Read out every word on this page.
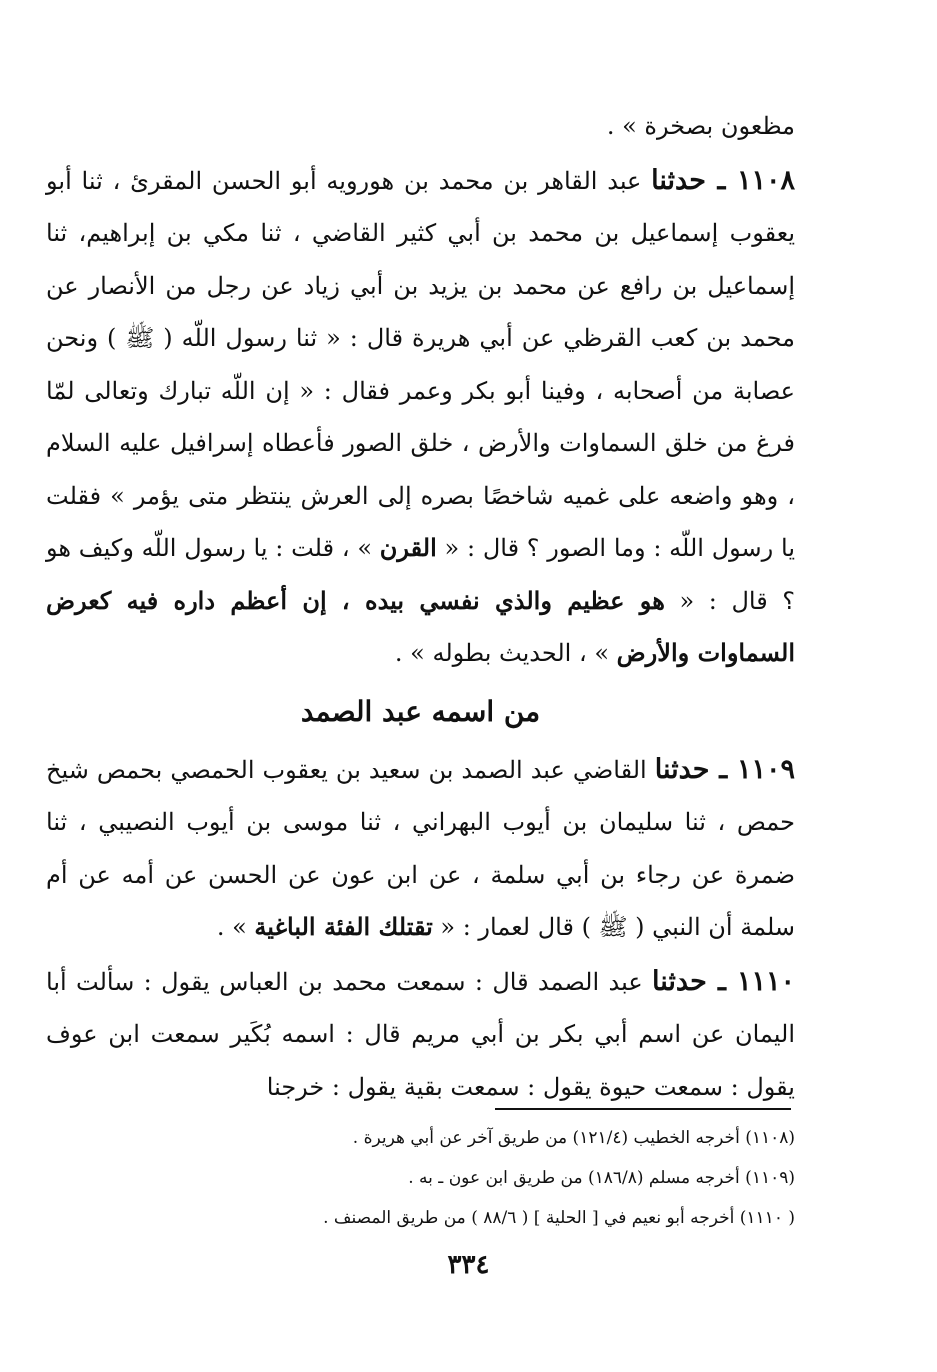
مظعون بصخرة » .

١١٠٨ ـ حدثنا عبد القاهر بن محمد بن هورويه أبو الحسن المقرئ ، ثنا أبو يعقوب إسماعيل بن محمد بن أبي كثير القاضي ، ثنا مكي بن إبراهيم، ثنا إسماعيل بن رافع عن محمد بن يزيد بن أبي زياد عن رجل من الأنصار عن محمد بن كعب القرظي عن أبي هريرة قال : « ثنا رسول اللّه ( ﷺ ) ونحن عصابة من أصحابه ، وفينا أبو بكر وعمر فقال : « إن اللّه تبارك وتعالى لمّا فرغ من خلق السماوات والأرض ، خلق الصور فأعطاه إسرافيل عليه السلام ، وهو واضعه على غميه شاخصًا بصره إلى العرش ينتظر متى يؤمر » فقلت يا رسول اللّه : وما الصور ؟ قال : « القرن » ، قلت : يا رسول اللّه وكيف هو ؟ قال : « هو عظيم والذي نفسي بيده ، إن أعظم داره فيه كعرض السماوات والأرض » ، الحديث بطوله » .

من اسمه عبد الصمد

١١٠٩ ـ حدثنا القاضي عبد الصمد بن سعيد بن يعقوب الحمصي بحمص شيخ حمص ، ثنا سليمان بن أيوب البهراني ، ثنا موسى بن أيوب النصيبي ، ثنا ضمرة عن رجاء بن أبي سلمة ، عن ابن عون عن الحسن عن أمه عن أم سلمة أن النبي ( ﷺ ) قال لعمار : « تقتلك الفئة الباغية » .

١١١٠ ـ حدثنا عبد الصمد قال : سمعت محمد بن العباس يقول : سألت أبا اليمان عن اسم أبي بكر بن أبي مريم قال : اسمه بُكَير سمعت ابن عوف يقول : سمعت حيوة يقول : سمعت بقية يقول : خرجنا

(١١٠٨) أخرجه الخطيب (١٢١/٤) من طريق آخر عن أبي هريرة .

(١١٠٩) أخرجه مسلم (١٨٦/٨) من طريق ابن عون ـ به .

( ١١١٠) أخرجه أبو نعيم في [ الحلية ] ( ٨٨/٦ ) من طريق المصنف .

٣٣٤
